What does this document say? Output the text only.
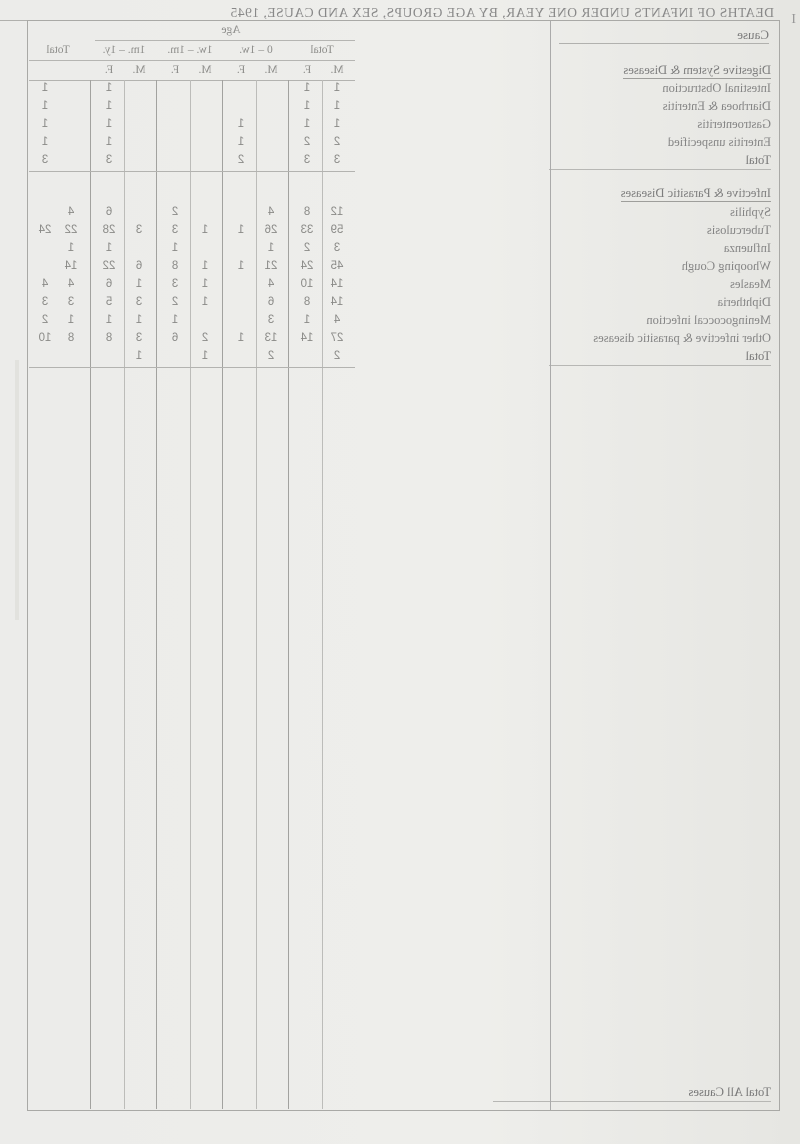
I
DEATHS OF INFANTS UNDER ONE YEAR, BY AGE GROUPS, SEX AND CAUSE, 1945
Cause
Digestive System & Diseases
Intestinal Obstruction
Diarrhoea & Enteritis
Gastroenteritis
Enteritis unspecified
Total
Infective & Parasitic Diseases
Syphilis
Tuberculosis
Influenza
Whooping Cough
Measles
Diphtheria
Meningococcal infection
Other infective & parasitic diseases
Total
Total All Causes
Age
Total	Total
0 – 1w.
1w. – 1m.
1m. – 1y.
M.
F.
M.
F.
M.
F.
M.
F.
1
1
1
1
1
1
1
1
1
1
1
1
1
2
2
1
1
1
3
3
2
3
3
12
8
4
2
6
4
59
33
26
1
1
3
3
28
22
24
3
2
1
1
1
1
45
24
21
1
1
8
6
22
14
14
10
4
1
3
1
6
4
4
14
8
6
1
2
3
5
3
3
4
1
3
1
1
1
1
2
27
14
13
1
2
6
3
8
8
10
2
2
1
1
